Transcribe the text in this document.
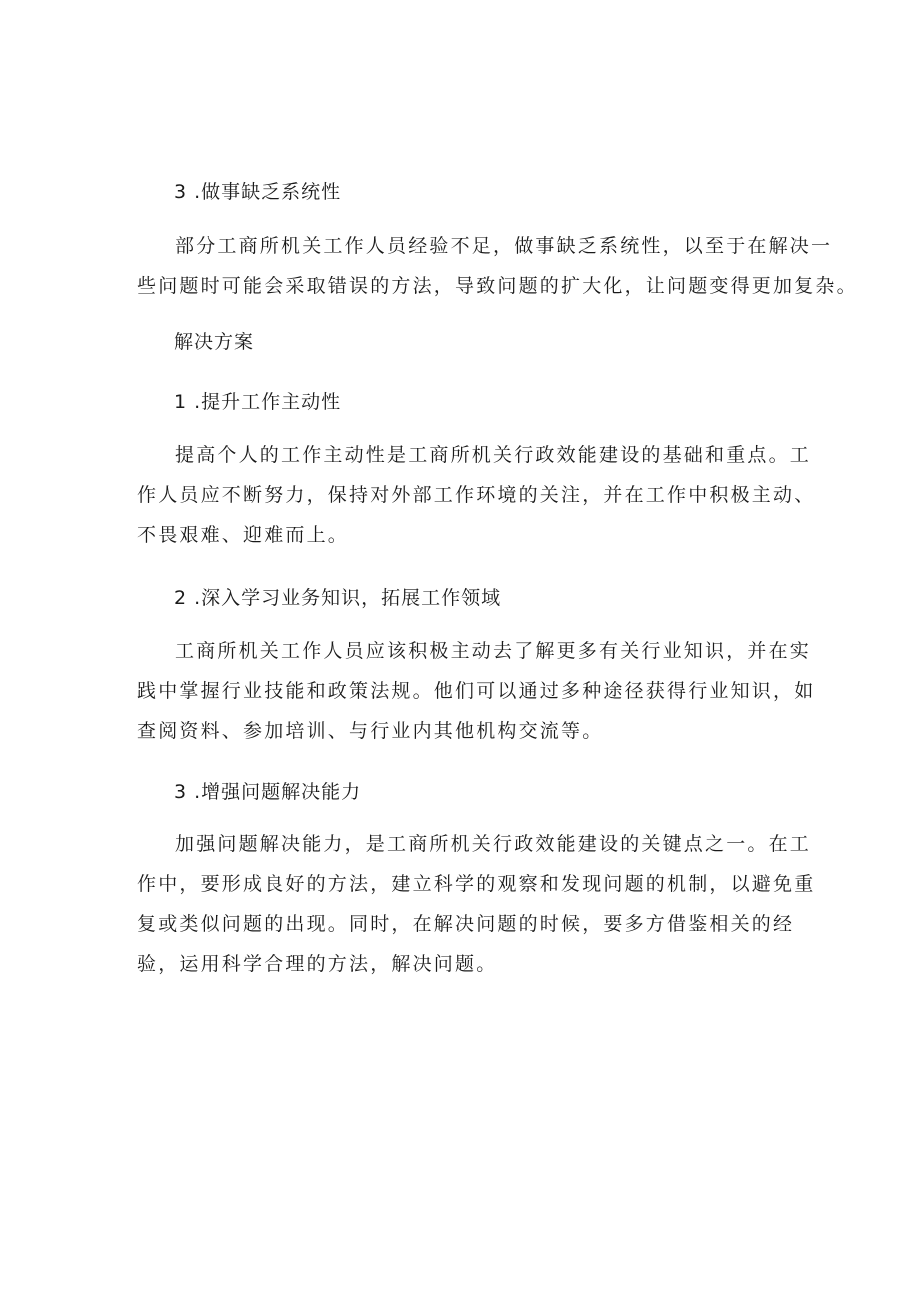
3 .做事缺乏系统性
部分工商所机关工作人员经验不足，做事缺乏系统性，以至于在解决一
些问题时可能会采取错误的方法，导致问题的扩大化，让问题变得更加复杂。
解决方案
1 .提升工作主动性
提高个人的工作主动性是工商所机关行政效能建设的基础和重点。工
作人员应不断努力，保持对外部工作环境的关注，并在工作中积极主动、
不畏艰难、迎难而上。
2 .深入学习业务知识，拓展工作领域
工商所机关工作人员应该积极主动去了解更多有关行业知识，并在实
践中掌握行业技能和政策法规。他们可以通过多种途径获得行业知识，如
查阅资料、参加培训、与行业内其他机构交流等。
3 .增强问题解决能力
加强问题解决能力，是工商所机关行政效能建设的关键点之一。在工
作中，要形成良好的方法，建立科学的观察和发现问题的机制，以避免重
复或类似问题的出现。同时，在解决问题的时候，要多方借鉴相关的经
验，运用科学合理的方法，解决问题。
